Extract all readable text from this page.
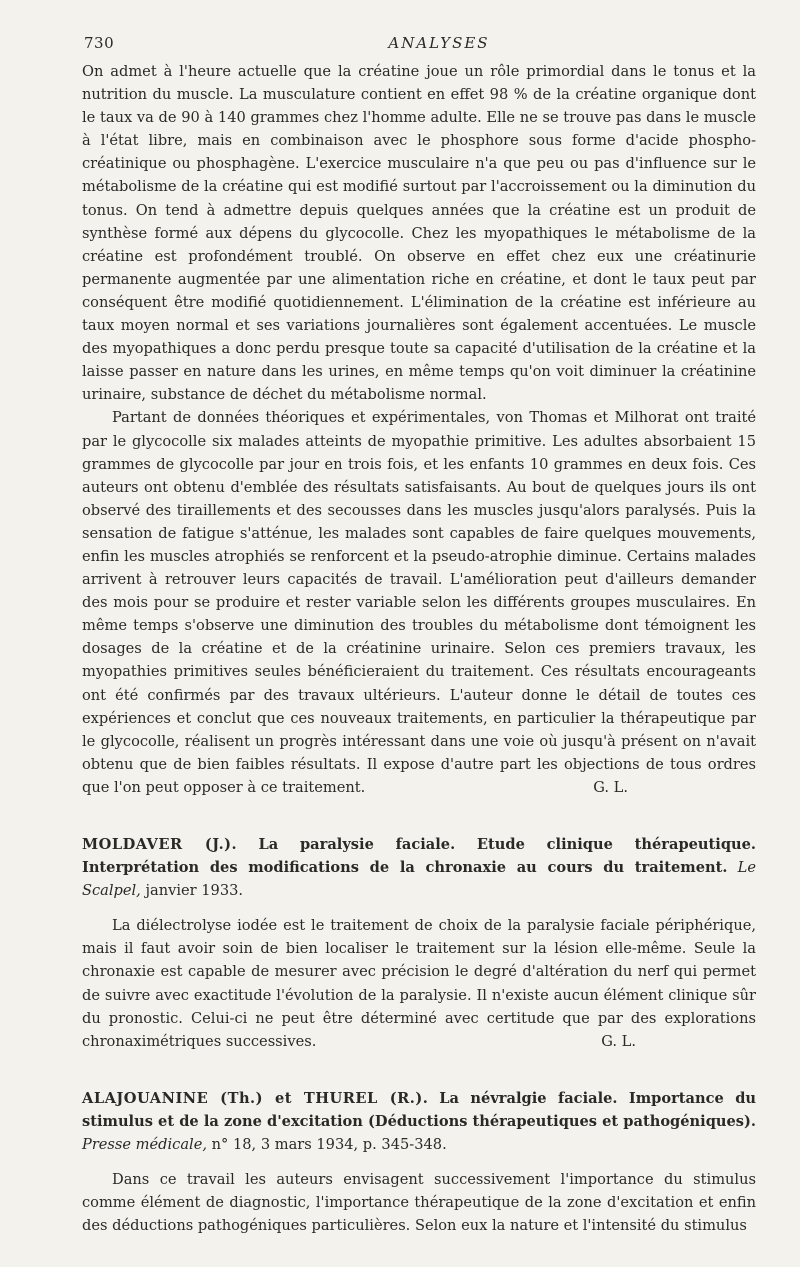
730	ANALYSES

On admet à l'heure actuelle que la créatine joue un rôle primordial dans le tonus et la nutrition du muscle. La musculature contient en effet 98 % de la créatine organique dont le taux va de 90 à 140 grammes chez l'homme adulte. Elle ne se trouve pas dans le muscle à l'état libre, mais en combinaison avec le phosphore sous forme d'acide phospho-créatinique ou phosphagène. L'exercice musculaire n'a que peu ou pas d'influence sur le métabolisme de la créatine qui est modifié surtout par l'accroissement ou la diminution du tonus. On tend à admettre depuis quelques années que la créatine est un produit de synthèse formé aux dépens du glycocolle. Chez les myopathiques le métabolisme de la créatine est profondément troublé. On observe en effet chez eux une créatinurie permanente augmentée par une alimentation riche en créatine, et dont le taux peut par conséquent être modifié quotidiennement. L'élimination de la créatine est inférieure au taux moyen normal et ses variations journalières sont également accentuées. Le muscle des myopathiques a donc perdu presque toute sa capacité d'utilisation de la créatine et la laisse passer en nature dans les urines, en même temps qu'on voit diminuer la créatinine urinaire, substance de déchet du métabolisme normal.

Partant de données théoriques et expérimentales, von Thomas et Milhorat ont traité par le glycocolle six malades atteints de myopathie primitive. Les adultes absorbaient 15 grammes de glycocolle par jour en trois fois, et les enfants 10 grammes en deux fois. Ces auteurs ont obtenu d'emblée des résultats satisfaisants. Au bout de quelques jours ils ont observé des tiraillements et des secousses dans les muscles jusqu'alors paralysés. Puis la sensation de fatigue s'atténue, les malades sont capables de faire quelques mouvements, enfin les muscles atrophiés se renforcent et la pseudo-atrophie diminue. Certains malades arrivent à retrouver leurs capacités de travail. L'amélioration peut d'ailleurs demander des mois pour se produire et rester variable selon les différents groupes musculaires. En même temps s'observe une diminution des troubles du métabolisme dont témoignent les dosages de la créatine et de la créatinine urinaire. Selon ces premiers travaux, les myopathies primitives seules bénéficieraient du traitement. Ces résultats encourageants ont été confirmés par des travaux ultérieurs. L'auteur donne le détail de toutes ces expériences et conclut que ces nouveaux traitements, en particulier la thérapeutique par le glycocolle, réalisent un progrès intéressant dans une voie où jusqu'à présent on n'avait obtenu que de bien faibles résultats. Il expose d'autre part les objections de tous ordres que l'on peut opposer à ce traitement.	G. L.

MOLDAVER (J.). La paralysie faciale. Etude clinique thérapeutique. Interprétation des modifications de la chronaxie au cours du traitement. Le Scalpel, janvier 1933.

La diélectrolyse iodée est le traitement de choix de la paralysie faciale périphérique, mais il faut avoir soin de bien localiser le traitement sur la lésion elle-même. Seule la chronaxie est capable de mesurer avec précision le degré d'altération du nerf qui permet de suivre avec exactitude l'évolution de la paralysie. Il n'existe aucun élément clinique sûr du pronostic. Celui-ci ne peut être déterminé avec certitude que par des explorations chronaximétriques successives.	G. L.

ALAJOUANINE (Th.) et THUREL (R.). La névralgie faciale. Importance du stimulus et de la zone d'excitation (Déductions thérapeutiques et pathogéniques). Presse médicale, n° 18, 3 mars 1934, p. 345-348.

Dans ce travail les auteurs envisagent successivement l'importance du stimulus comme élément de diagnostic, l'importance thérapeutique de la zone d'excitation et enfin des déductions pathogéniques particulières. Selon eux la nature et l'intensité du stimulus
